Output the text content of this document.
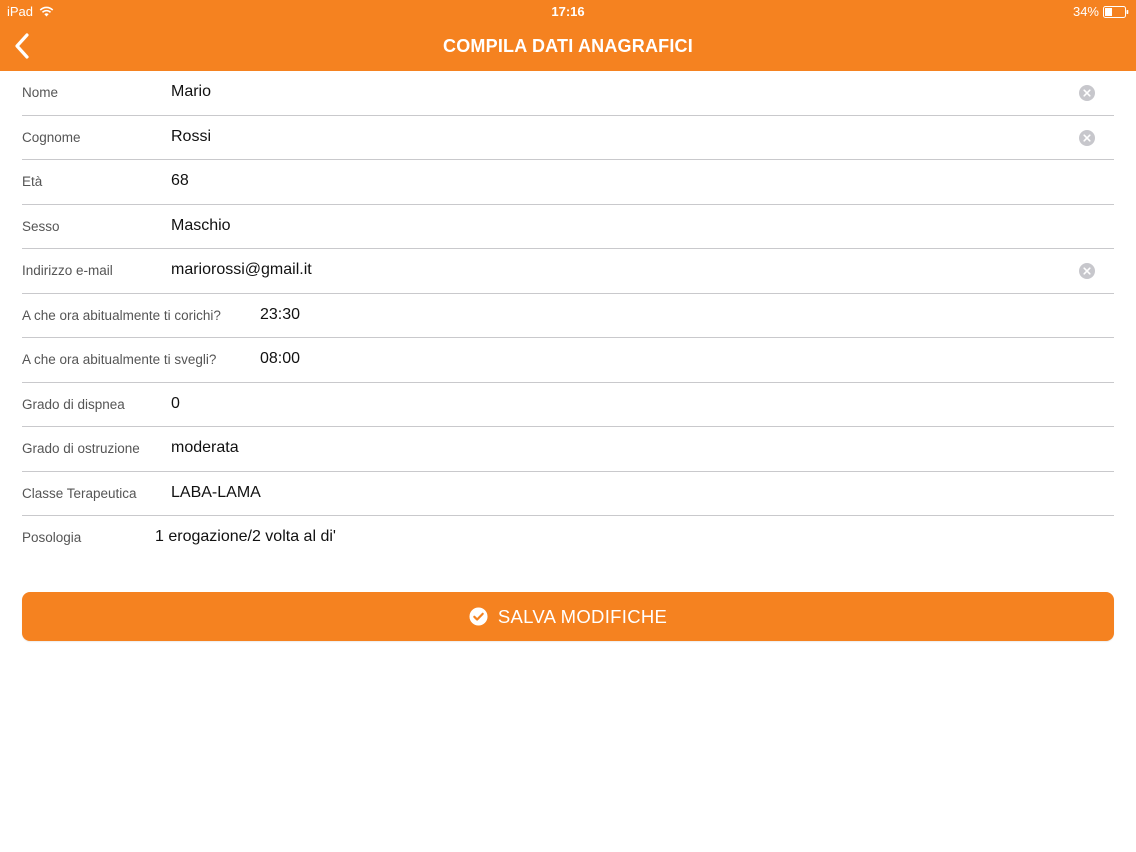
iPad	17:16	34%
COMPILA DATI ANAGRAFICI
Nome	Mario
Cognome	Rossi
Età	68
Sesso	Maschio
Indirizzo e-mail	mariorossi@gmail.it
A che ora abitualmente ti corichi? 23:30
A che ora abitualmente ti svegli?	08:00
Grado di dispnea	0
Grado di ostruzione moderata
Classe Terapeutica LABA-LAMA
Posologia	1 erogazione/2 volta al di'
SALVA MODIFICHE
